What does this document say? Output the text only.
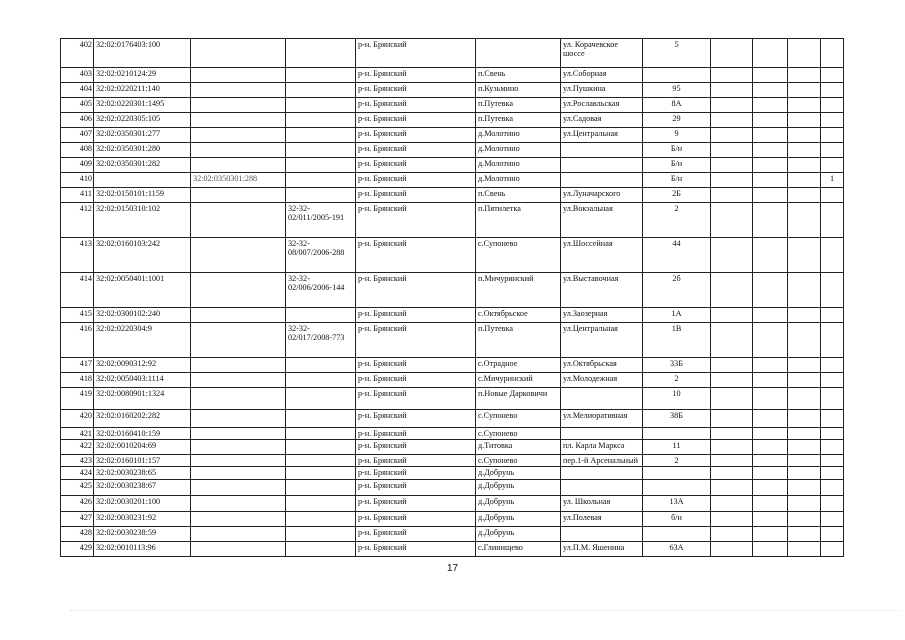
402	32:02:0176403:100			р-н. Брянский		ул. Корачевское шоссе	5				
403	32:02:0210124:29			р-н. Брянский	п.Свень	ул.Соборная					
404	32:02:0220211:140			р-н. Брянский	п.Кузьмино	ул.Пушкина	95				
405	32:02:0220301:1495			р-н. Брянский	п.Путевка	ул.Рославльская	8А				
406	32:02:0220305:105			р-н. Брянский	п.Путевка	ул.Садовая	29				
407	32:02:0350301:277			р-н. Брянский	д.Молотино	ул.Центральная	9				
408	32:02:0350301:280			р-н. Брянский	д.Молотино		Б/н				
409	32:02:0350301:282			р-н. Брянский	д.Молотино		Б/н				
410		32:02:0350301:288		р-н. Брянский	д.Молотино		Б/н				1
411	32:02:0150101:1159			р-н. Брянский	п.Свень	ул.Луначарского	2Б				
412	32:02:0150310:102		32-32-02/011/2005-191	р-н. Брянский	п.Пятилетка	ул.Вокзальная	2				
413	32:02:0160103:242		32-32-08/007/2006-288	р-н. Брянский	с.Супонево	ул.Шоссейная	44				
414	32:02:0050401:1001		32-32-02/006/2006-144	р-н. Брянский	п.Мичуринский	ул.Выставочная	2б				
415	32:02:0300102:240			р-н. Брянский	с.Октябрьское	ул.Заозерная	1А				
416	32:02:0220304:9		32-32-02/017/2008-773	р-н. Брянский	п.Путевка	ул.Центральная	1В				
417	32:02:0090312:92			р-н. Брянский	с.Отрадное	ул.Октябрьская	33Б				
418	32:02:0050403:1114			р-н. Брянский	с.Мичуринский	ул.Молодежная	2				
419	32:02:0080901:1324			р-н. Брянский	п.Новые Дарковичи		10				
420	32:02:0160202:282			р-н. Брянский	с.Супонево	ул.Мелиоративная	38Б				
421	32:02:0160410:159			р-н. Брянский	с.Супонево						
422	32:02:0010204:69			р-н. Брянский	д.Титовка	пл. Карла Маркса	11				
423	32:02:0160101:157			р-н. Брянский	с.Супонево	пер.1-й Арсенальный	2				
424	32:02:0030238:65			р-н. Брянский	д.Добрунь						
425	32:02:0030238:67			р-н. Брянский	д.Добрунь						
426	32:02:0030201:100			р-н. Брянский	д.Добрунь	ул. Школьная	13А				
427	32:02:0030231:92			р-н. Брянский	д.Добрунь	ул.Полевая	б/н				
428	32:02:0030238:59			р-н. Брянский	д.Добрунь						
429	32:02:0010113:96			р-н. Брянский	с.Глинищево	ул.П.М. Яшенина	63А				
17
